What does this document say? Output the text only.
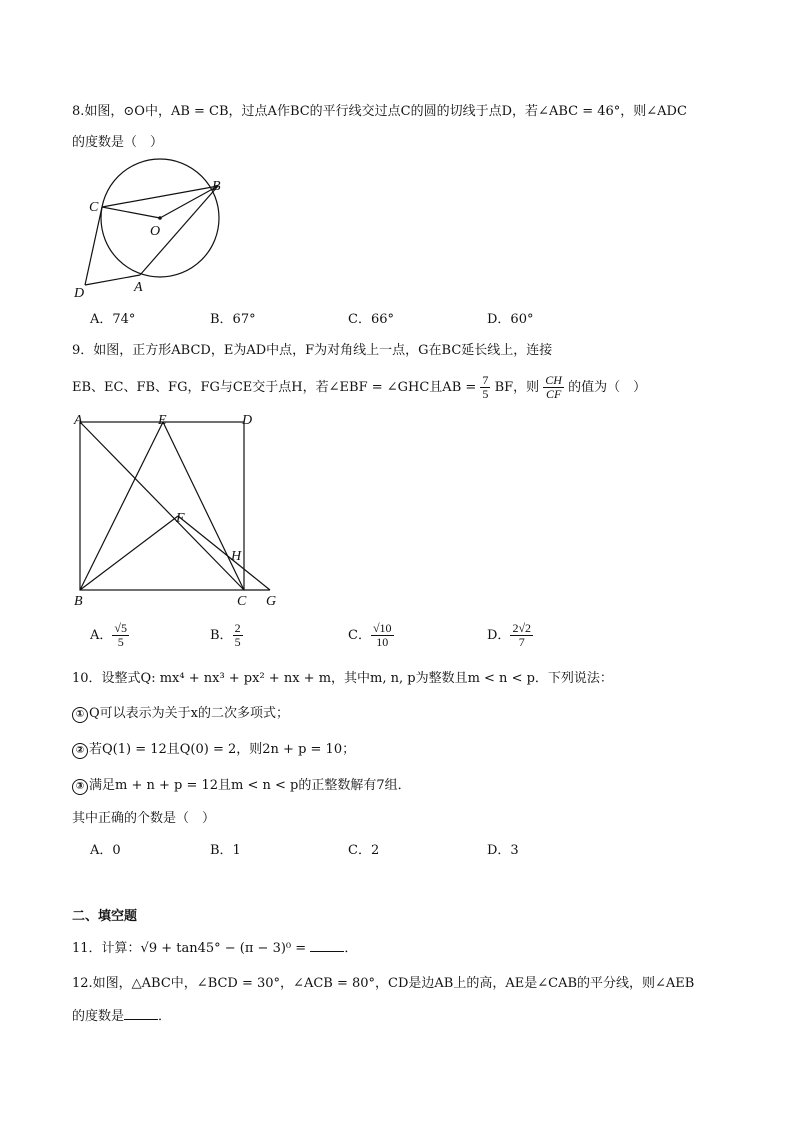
8.如图，⊙O中，AB = CB，过点A作BC的平行线交过点C的圆的切线于点D，若∠ABC = 46°，则∠ADC
的度数是（　）
C
B
O
D	A
A．74°	B．67°	C．66°	D．60°
9．如图，正方形ABCD，E为AD中点，F为对角线上一点，G在BC延长线上，连接
EB、EC、FB、FG，FG与CE交于点H，若∠EBF = ∠GHC且AB = $\frac{7}{5}$ BF，则 $\frac{CH}{CF}$ 的值为（　）
A	E	D
F
H
B	C G
A． $\frac{√5}{5}$	B． $\frac{2}{5}$	C． $\frac{√10}{10}$	D． $\frac{2√2}{7}$
10．设整式Q: mx⁴ + nx³ + px² + nx + m，其中m, n, p为整数且m < n < p．下列说法：
① Q可以表示为关于x的二次多项式；
② 若Q(1) = 12且Q(0) = 2，则2n + p = 10；
③ 满足m + n + p = 12且m < n < p的正整数解有7组．
其中正确的个数是（　）
A．0	B．1	C．2	D．3
二、填空题
11．计算：√9 + tan45° − (π − 3)⁰ =	．
12.如图，△ABC中，∠BCD = 30°，∠ACB = 80°，CD是边AB上的高，AE是∠CAB的平分线，则∠AEB
的度数是	．
